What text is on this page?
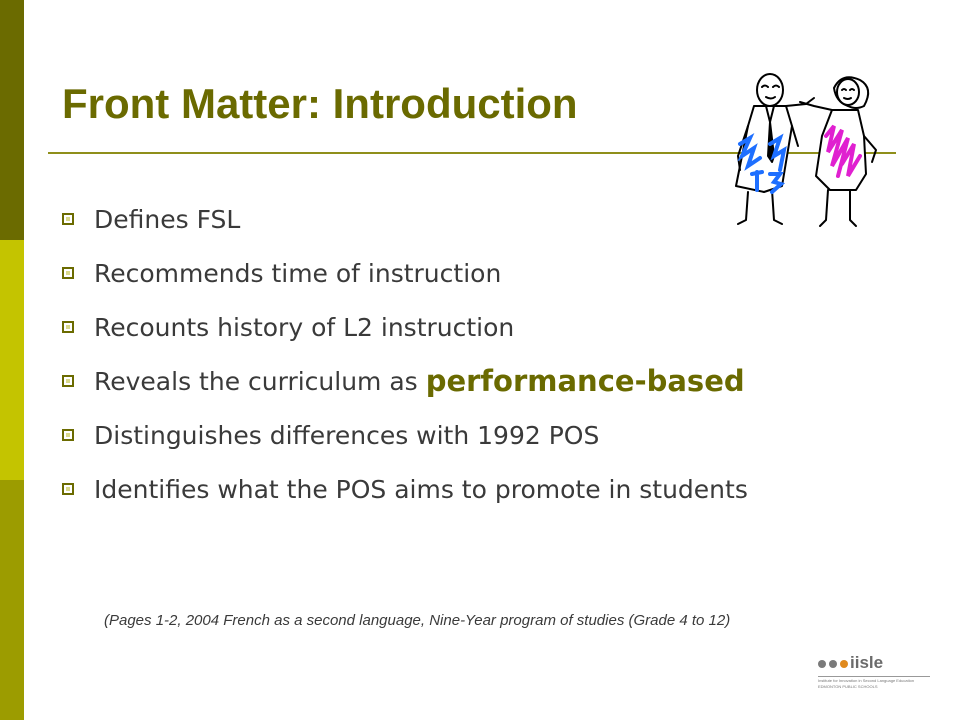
Front Matter: Introduction
Defines FSL
Recommends time of instruction
Recounts history of L2 instruction
Reveals the curriculum as performance-based
Distinguishes differences with 1992 POS
Identifies what the POS aims to promote in students
(Pages 1-2, 2004 French as a second language, Nine-Year program of studies (Grade 4 to 12)
iisle
Institute for Innovation in Second Language Education
EDMONTON PUBLIC SCHOOLS
